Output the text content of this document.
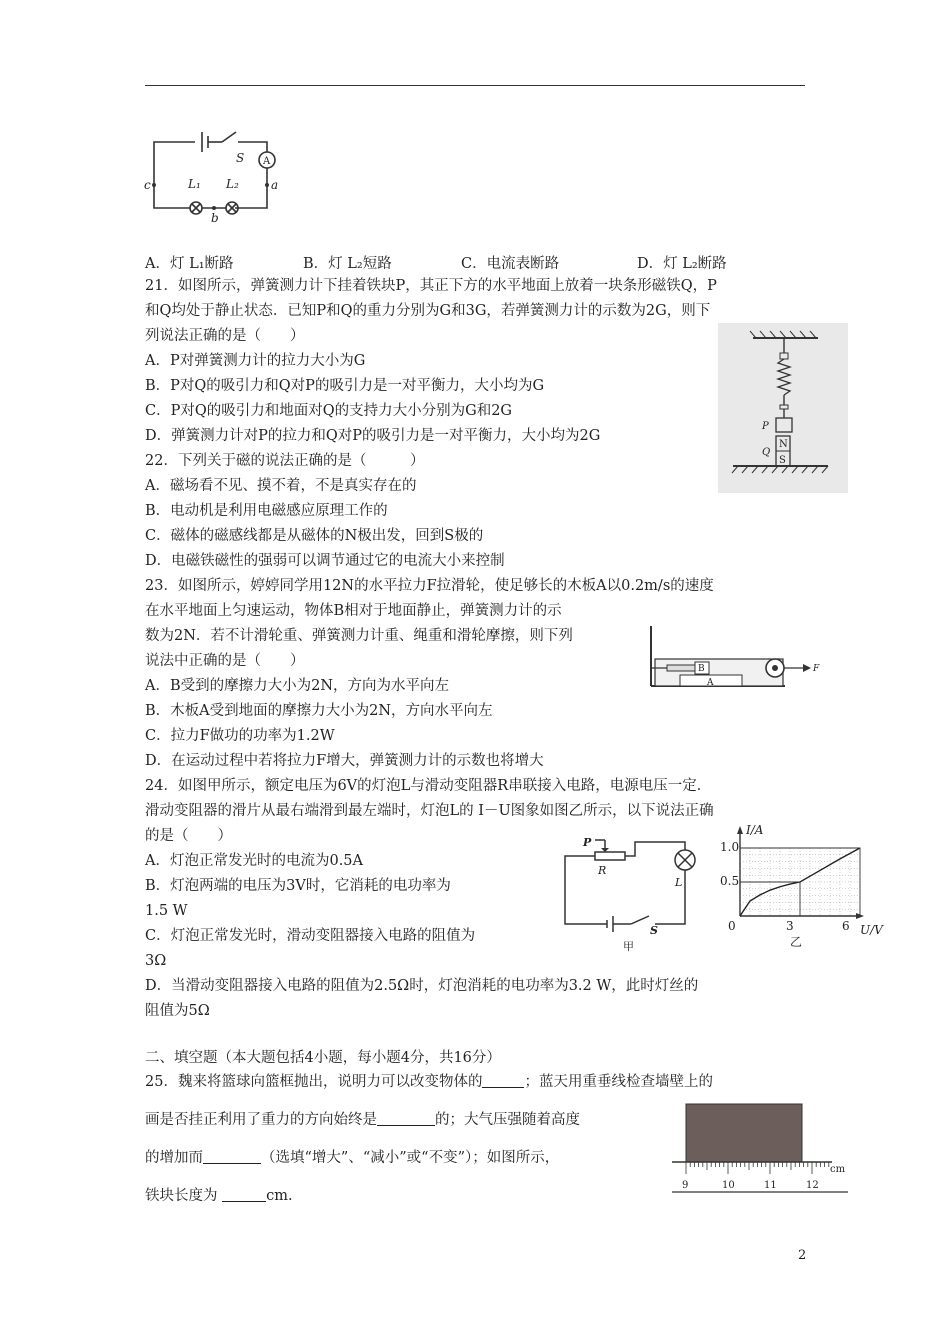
S A
c	a
b
L₁ L₂
A．灯 L₁断路	B．灯 L₂短路	C．电流表断路	D．灯 L₂断路
21．如图所示，弹簧测力计下挂着铁块P，其正下方的水平地面上放着一块条形磁铁Q，P
和Q均处于静止状态．已知P和Q的重力分别为G和3G，若弹簧测力计的示数为2G，则下
列说法正确的是（　　）
A．P对弹簧测力计的拉力大小为G
B．P对Q的吸引力和Q对P的吸引力是一对平衡力，大小均为G
C．P对Q的吸引力和地面对Q的支持力大小分别为G和2G
D．弹簧测力计对P的拉力和Q对P的吸引力是一对平衡力，大小均为2G
P
Q
N
S
22．下列关于磁的说法正确的是（　　　）
A．磁场看不见、摸不着，不是真实存在的
B．电动机是利用电磁感应原理工作的
C．磁体的磁感线都是从磁体的N极出发，回到S极的
D．电磁铁磁性的强弱可以调节通过它的电流大小来控制
23．如图所示，婷婷同学用12N的水平拉力F拉滑轮，使足够长的木板A以0.2m/s的速度
在水平地面上匀速运动，物体B相对于地面静止，弹簧测力计的示
数为2N．若不计滑轮重、弹簧测力计重、绳重和滑轮摩擦，则下列
说法中正确的是（　　）
A．B受到的摩擦力大小为2N，方向为水平向左
B．木板A受到地面的摩擦力大小为2N，方向水平向左
C．拉力F做功的功率为1.2W
D．在运动过程中若将拉力F增大，弹簧测力计的示数也将增大
B
A
F
24．如图甲所示，额定电压为6V的灯泡L与滑动变阻器R串联接入电路，电源电压一定．
滑动变阻器的滑片从最右端滑到最左端时，灯泡L的 I－U图象如图乙所示，以下说法正确
的是（　　）
A．灯泡正常发光时的电流为0.5A
B．灯泡两端的电压为3V时，它消耗的电功率为
1.5 W
C．灯泡正常发光时，滑动变阻器接入电路的阻值为
3Ω
D．当滑动变阻器接入电路的阻值为2.5Ω时，灯泡消耗的电功率为3.2 W，此时灯丝的
阻值为5Ω
P
R
L
S
甲
I/A
U/V
1.0
0.5
0	3	6
乙
二、填空题（本大题包括4小题，每小题4分，共16分）
25．魏来将篮球向篮框抛出，说明力可以改变物体的	；蓝天用重垂线检查墙壁上的
画是否挂正利用了重力的方向始终是	的；大气压强随着高度
的增加而	（选填“增大”、“减小”或“不变”）；如图所示，
铁块长度为	cm.
9	10	11	12
cm
2
